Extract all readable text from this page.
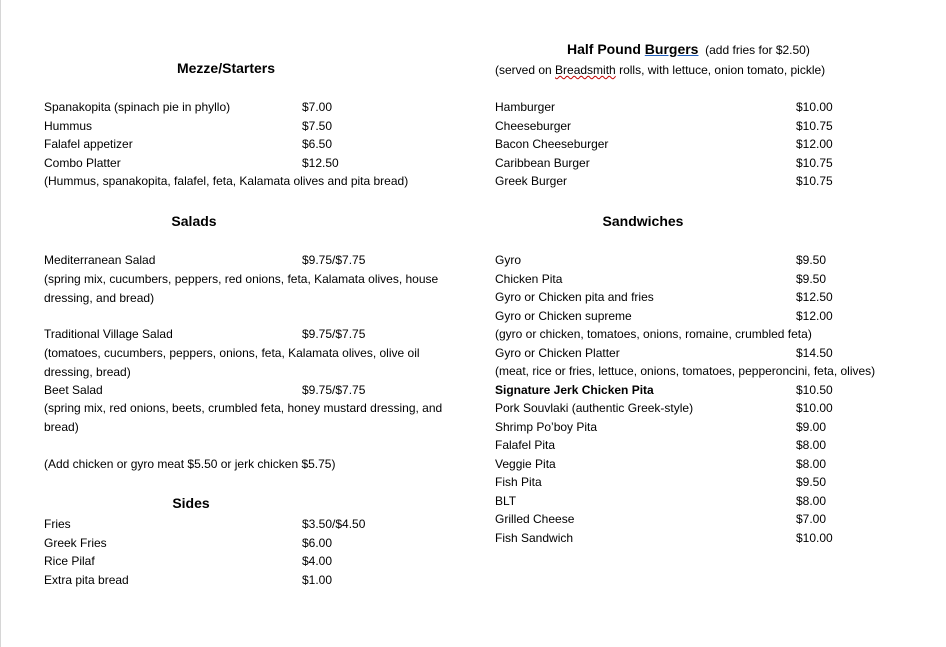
Mezze/Starters
Spanakopita (spinach pie in phyllo)	$7.00
Hummus	$7.50
Falafel appetizer	$6.50
Combo Platter	$12.50
(Hummus, spanakopita, falafel, feta, Kalamata olives and pita bread)
Salads
Mediterranean Salad	$9.75/$7.75
(spring mix, cucumbers, peppers, red onions, feta, Kalamata olives, house dressing, and bread)
Traditional Village Salad	$9.75/$7.75
(tomatoes, cucumbers, peppers, onions, feta, Kalamata olives, olive oil dressing, bread)
Beet Salad	$9.75/$7.75
(spring mix, red onions, beets, crumbled feta, honey mustard dressing, and bread)
(Add chicken or gyro meat $5.50 or jerk chicken $5.75)
Sides
Fries	$3.50/$4.50
Greek Fries	$6.00
Rice Pilaf	$4.00
Extra pita bread	$1.00
Half Pound Burgers  (add fries for $2.50)
(served on Breadsmith rolls, with lettuce, onion tomato, pickle)
Hamburger	$10.00
Cheeseburger	$10.75
Bacon Cheeseburger	$12.00
Caribbean Burger	$10.75
Greek Burger	$10.75
Sandwiches
Gyro	$9.50
Chicken Pita	$9.50
Gyro or Chicken pita and fries	$12.50
Gyro or Chicken supreme	$12.00
(gyro or chicken, tomatoes, onions, romaine, crumbled feta)
Gyro or Chicken Platter	$14.50
(meat, rice or fries, lettuce, onions, tomatoes, pepperoncini, feta, olives)
Signature Jerk Chicken Pita	$10.50
Pork Souvlaki (authentic Greek-style)	$10.00
Shrimp Po’boy Pita	$9.00
Falafel Pita	$8.00
Veggie Pita	$8.00
Fish Pita	$9.50
BLT	$8.00
Grilled Cheese	$7.00
Fish Sandwich	$10.00
